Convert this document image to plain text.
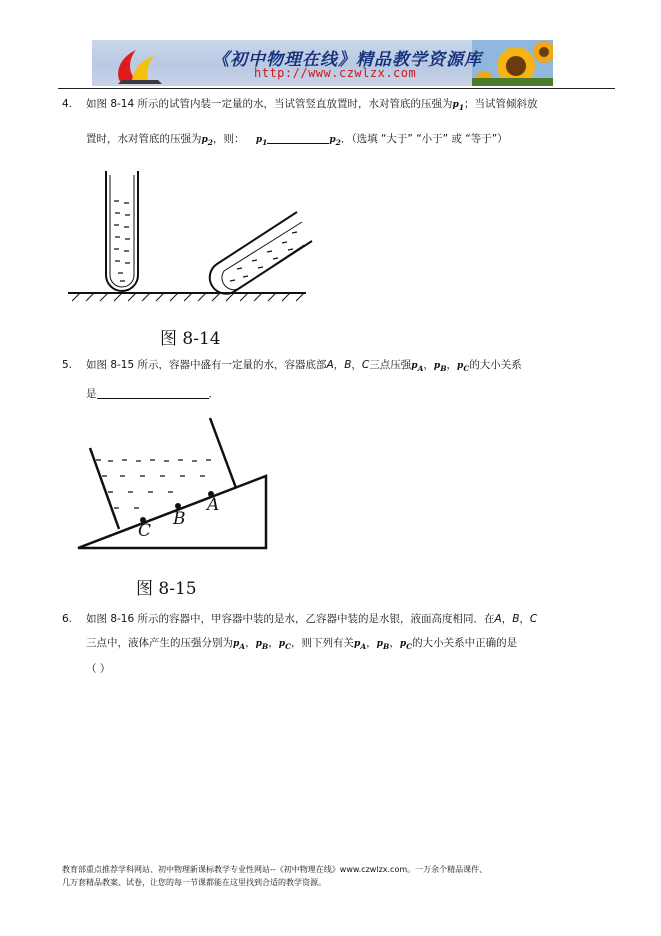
《初中物理在线》精品教学资源库
http://www.czwlzx.com
4. 如图 8-14 所示的试管内装一定量的水，当试管竖直放置时，水对管底的压强为$p_1$；当试管倾斜放
置时，水对管底的压强为$p_2$，则： $p_1$	$p_2$．（选填 “大于” “小于” 或 “等于”）
图 8-14
5. 如图 8-15 所示，容器中盛有一定量的水，容器底部A，B，C三点压强$p_A$，$p_B$，$p_C$的大小关系
是	．
C
B
A
图 8-15
6. 如图 8-16 所示的容器中，甲容器中装的是水，乙容器中装的是水银，液面高度相同．在A，B，C
三点中，液体产生的压强分别为$p_A$，$p_B$，$p_C$，则下列有关$p_A$，$p_B$，$p_C$的大小关系中正确的是
（ ）
教育部重点推荐学科网站、初中物理新课标教学专业性网站--《初中物理在线》www.czwlzx.com。一万余个精品课件、
几万套精品教案、试卷，让您的每一节课都能在这里找到合适的教学资源。
